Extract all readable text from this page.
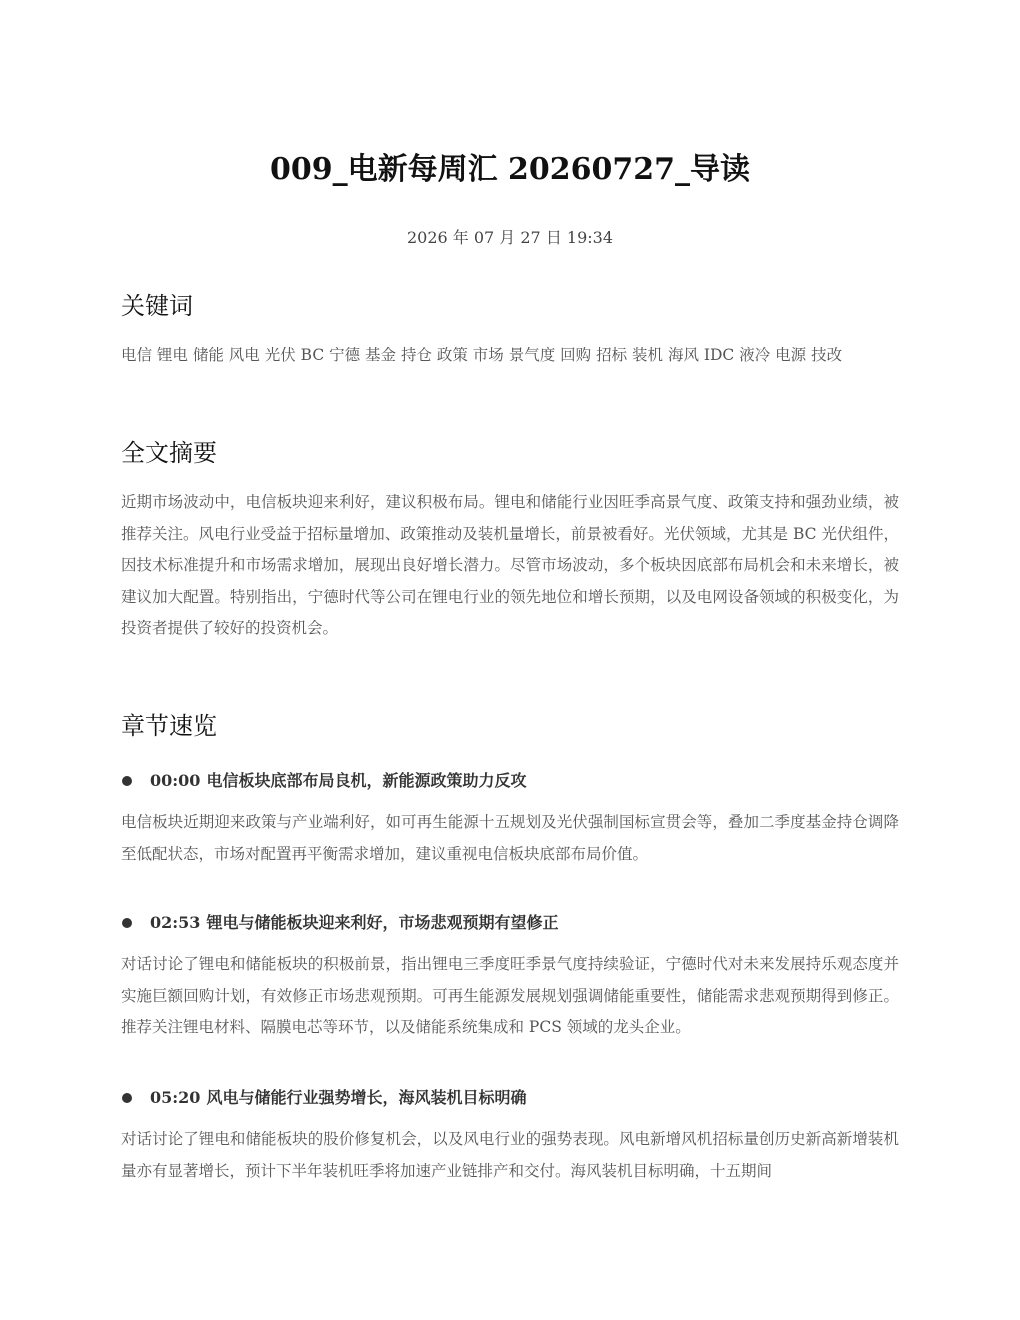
009_电新每周汇 20260727_导读
2026 年 07 月 27 日 19:34
关键词
电信 锂电 储能 风电 光伏 BC 宁德 基金 持仓 政策 市场 景气度 回购 招标 装机 海风 IDC 液冷 电源 技改
全文摘要

近期市场波动中，电信板块迎来利好，建议积极布局。锂电和储能行业因旺季高景气度、政策支持和强劲业绩，被推荐关注。风电行业受益于招标量增加、政策推动及装机量增长，前景被看好。光伏领域，尤其是 BC 光伏组件，因技术标准提升和市场需求增加，展现出良好增长潜力。尽管市场波动，多个板块因底部布局机会和未来增长，被建议加大配置。特别指出，宁德时代等公司在锂电行业的领先地位和增长预期，以及电网设备领域的积极变化，为投资者提供了较好的投资机会。

章节速览
00:00 电信板块底部布局良机，新能源政策助力反攻

电信板块近期迎来政策与产业端利好，如可再生能源十五规划及光伏强制国标宣贯会等，叠加二季度基金持仓调降至低配状态，市场对配置再平衡需求增加，建议重视电信板块底部布局价值。

02:53 锂电与储能板块迎来利好，市场悲观预期有望修正

对话讨论了锂电和储能板块的积极前景，指出锂电三季度旺季景气度持续验证，宁德时代对未来发展持乐观态度并实施巨额回购计划，有效修正市场悲观预期。可再生能源发展规划强调储能重要性，储能需求悲观预期得到修正。推荐关注锂电材料、隔膜电芯等环节，以及储能系统集成和 PCS 领域的龙头企业。

05:20 风电与储能行业强势增长，海风装机目标明确

对话讨论了锂电和储能板块的股价修复机会，以及风电行业的强势表现。风电新增风机招标量创历史新高新增装机量亦有显著增长，预计下半年装机旺季将加速产业链排产和交付。海风装机目标明确，十五期间
